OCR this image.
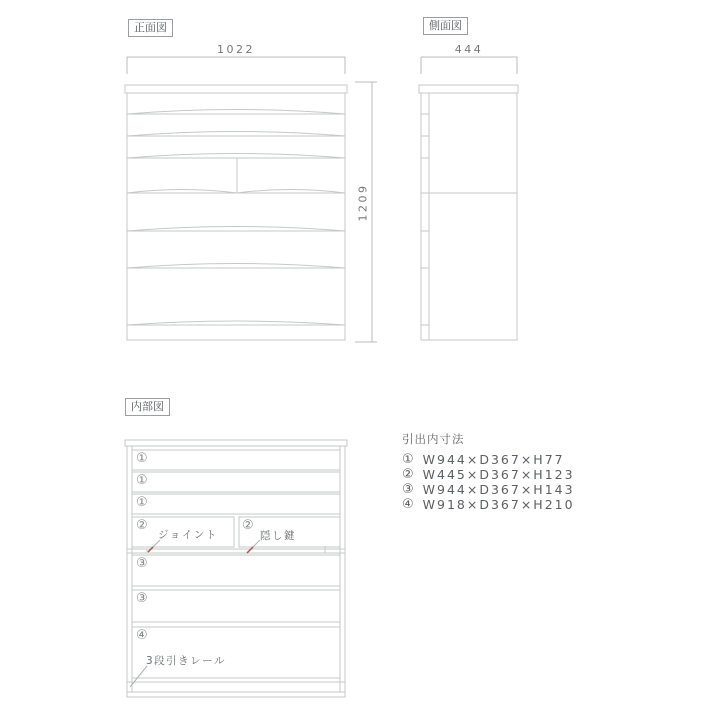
正面図	側面図
内部図
1022
1209
444
①
①
①
②	②
③
③
④
ジョイント	隠し鍵
3段引きレール
引出内寸法
① W944×D367×H77
② W445×D367×H123
③ W944×D367×H143
④ W918×D367×H210
